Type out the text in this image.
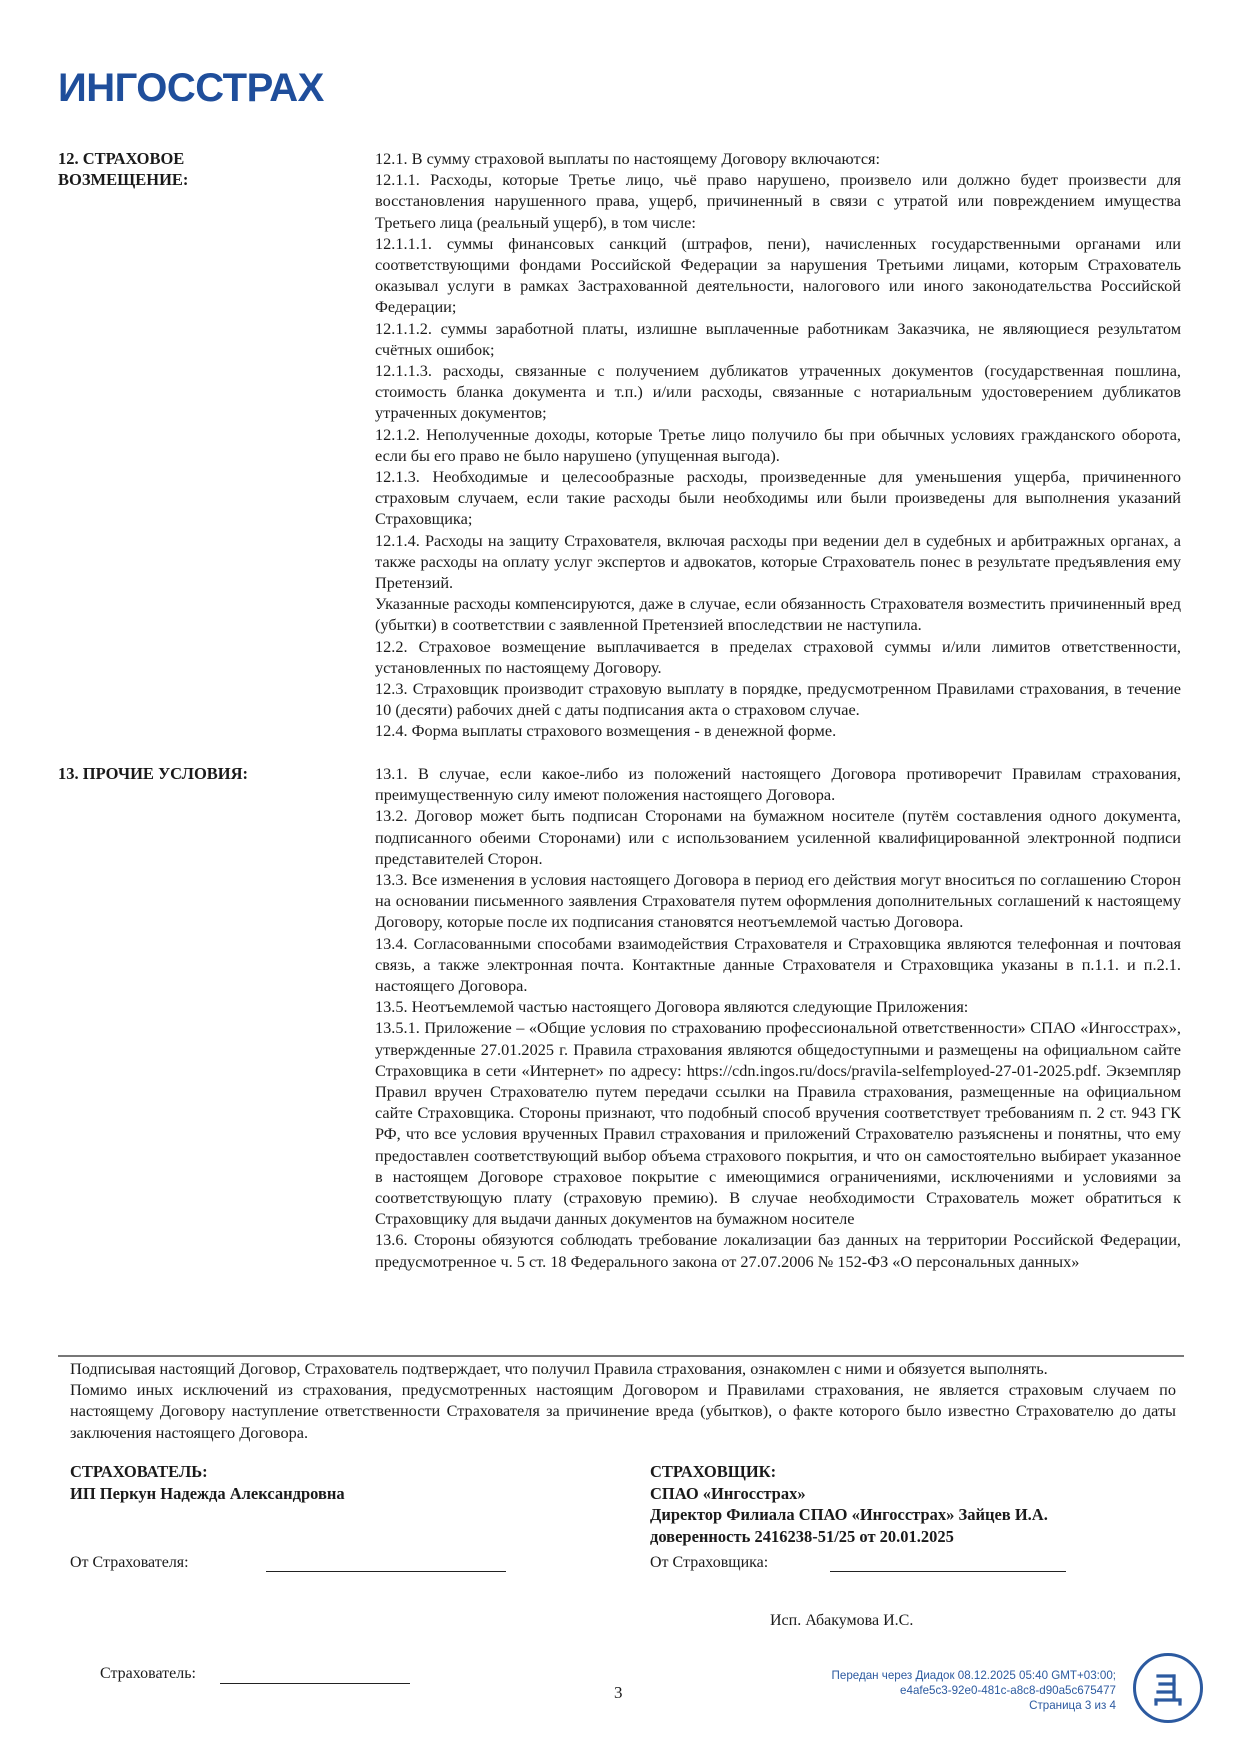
ИНГОССТРАХ
12. СТРАХОВОЕ
ВОЗМЕЩЕНИЕ:

12.1. В сумму страховой выплаты по настоящему Договору включаются:

12.1.1. Расходы, которые Третье лицо, чьё право нарушено, произвело или должно будет произвести для восстановления нарушенного права, ущерб, причиненный в связи с утратой или повреждением имущества Третьего лица (реальный ущерб), в том числе:

12.1.1.1. суммы финансовых санкций (штрафов, пени), начисленных государственными органами или соответствующими фондами Российской Федерации за нарушения Третьими лицами, которым Страхователь оказывал услуги в рамках Застрахованной деятельности, налогового или иного законодательства Российской Федерации;

12.1.1.2. суммы заработной платы, излишне выплаченные работникам Заказчика, не являющиеся результатом счётных ошибок;

12.1.1.3. расходы, связанные с получением дубликатов утраченных документов (государственная пошлина, стоимость бланка документа и т.п.) и/или расходы, связанные с нотариальным удостоверением дубликатов утраченных документов;

12.1.2. Неполученные доходы, которые Третье лицо получило бы при обычных условиях гражданского оборота, если бы его право не было нарушено (упущенная выгода).

12.1.3. Необходимые и целесообразные расходы, произведенные для уменьшения ущерба, причиненного страховым случаем, если такие расходы были необходимы или были произведены для выполнения указаний Страховщика;

12.1.4. Расходы на защиту Страхователя, включая расходы при ведении дел в судебных и арбитражных органах, а также расходы на оплату услуг экспертов и адвокатов, которые Страхователь понес в результате предъявления ему Претензий.

Указанные расходы компенсируются, даже в случае, если обязанность Страхователя возместить причиненный вред (убытки) в соответствии с заявленной Претензией впоследствии не наступила.

12.2. Страховое возмещение выплачивается в пределах страховой суммы и/или лимитов ответственности, установленных по настоящему Договору.

12.3. Страховщик производит страховую выплату в порядке, предусмотренном Правилами страхования, в течение 10 (десяти) рабочих дней с даты подписания акта о страховом случае.

12.4. Форма выплаты страхового возмещения - в денежной форме.

13. ПРОЧИЕ УСЛОВИЯ:	13.1. В случае, если какое-либо из положений настоящего Договора противоречит Правилам страхования, преимущественную силу имеют положения настоящего Договора.

13.2. Договор может быть подписан Сторонами на бумажном носителе (путём составления одного документа, подписанного обеими Сторонами) или с использованием усиленной квалифицированной электронной подписи представителей Сторон.

13.3. Все изменения в условия настоящего Договора в период его действия могут вноситься по соглашению Сторон на основании письменного заявления Страхователя путем оформления дополнительных соглашений к настоящему Договору, которые после их подписания становятся неотъемлемой частью Договора.

13.4. Согласованными способами взаимодействия Страхователя и Страховщика являются телефонная и почтовая связь, а также электронная почта. Контактные данные Страхователя и Страховщика указаны в п.1.1. и п.2.1. настоящего Договора.

13.5. Неотъемлемой частью настоящего Договора являются следующие Приложения:

13.5.1. Приложение – «Общие условия по страхованию профессиональной ответственности» СПАО «Ингосстрах», утвержденные 27.01.2025 г. Правила страхования являются общедоступными и размещены на официальном сайте Страховщика в сети «Интернет» по адресу: https://cdn.ingos.ru/docs/pravila-selfemployed-27-01-2025.pdf. Экземпляр Правил вручен Страхователю путем передачи ссылки на Правила страхования, размещенные на официальном сайте Страховщика. Стороны признают, что подобный способ вручения соответствует требованиям п. 2 ст. 943 ГК РФ, что все условия врученных Правил страхования и приложений Страхователю разъяснены и понятны, что ему предоставлен соответствующий выбор объема страхового покрытия, и что он самостоятельно выбирает указанное в настоящем Договоре страховое покрытие с имеющимися ограничениями, исключениями и условиями за соответствующую плату (страховую премию). В случае необходимости Страхователь может обратиться к Страховщику для выдачи данных документов на бумажном носителе

13.6. Стороны обязуются соблюдать требование локализации баз данных на территории Российской Федерации, предусмотренное ч. 5 ст. 18 Федерального закона от 27.07.2006 № 152-ФЗ «О персональных данных»

Подписывая настоящий Договор, Страхователь подтверждает, что получил Правила страхования, ознакомлен с ними и обязуется выполнять.

Помимо иных исключений из страхования, предусмотренных настоящим Договором и Правилами страхования, не является страховым случаем по настоящему Договору наступление ответственности Страхователя за причинение вреда (убытков), о факте которого было известно Страхователю до даты заключения настоящего Договора.

СТРАХОВАТЕЛЬ:
ИП Перкун Надежда Александровна
СТРАХОВЩИК:
СПАО «Ингосстрах»
Директор Филиала СПАО «Ингосстрах» Зайцев И.А.
доверенность 2416238-51/25 от 20.01.2025
От Страхователя:	От Страховщика:
Исп. Абакумова И.С.
Страхователь:
3
Передан через Диадок 08.12.2025 05:40 GMT+03:00;
e4afe5c3-92e0-481c-a8c8-d90a5c675477
Страница 3 из 4
